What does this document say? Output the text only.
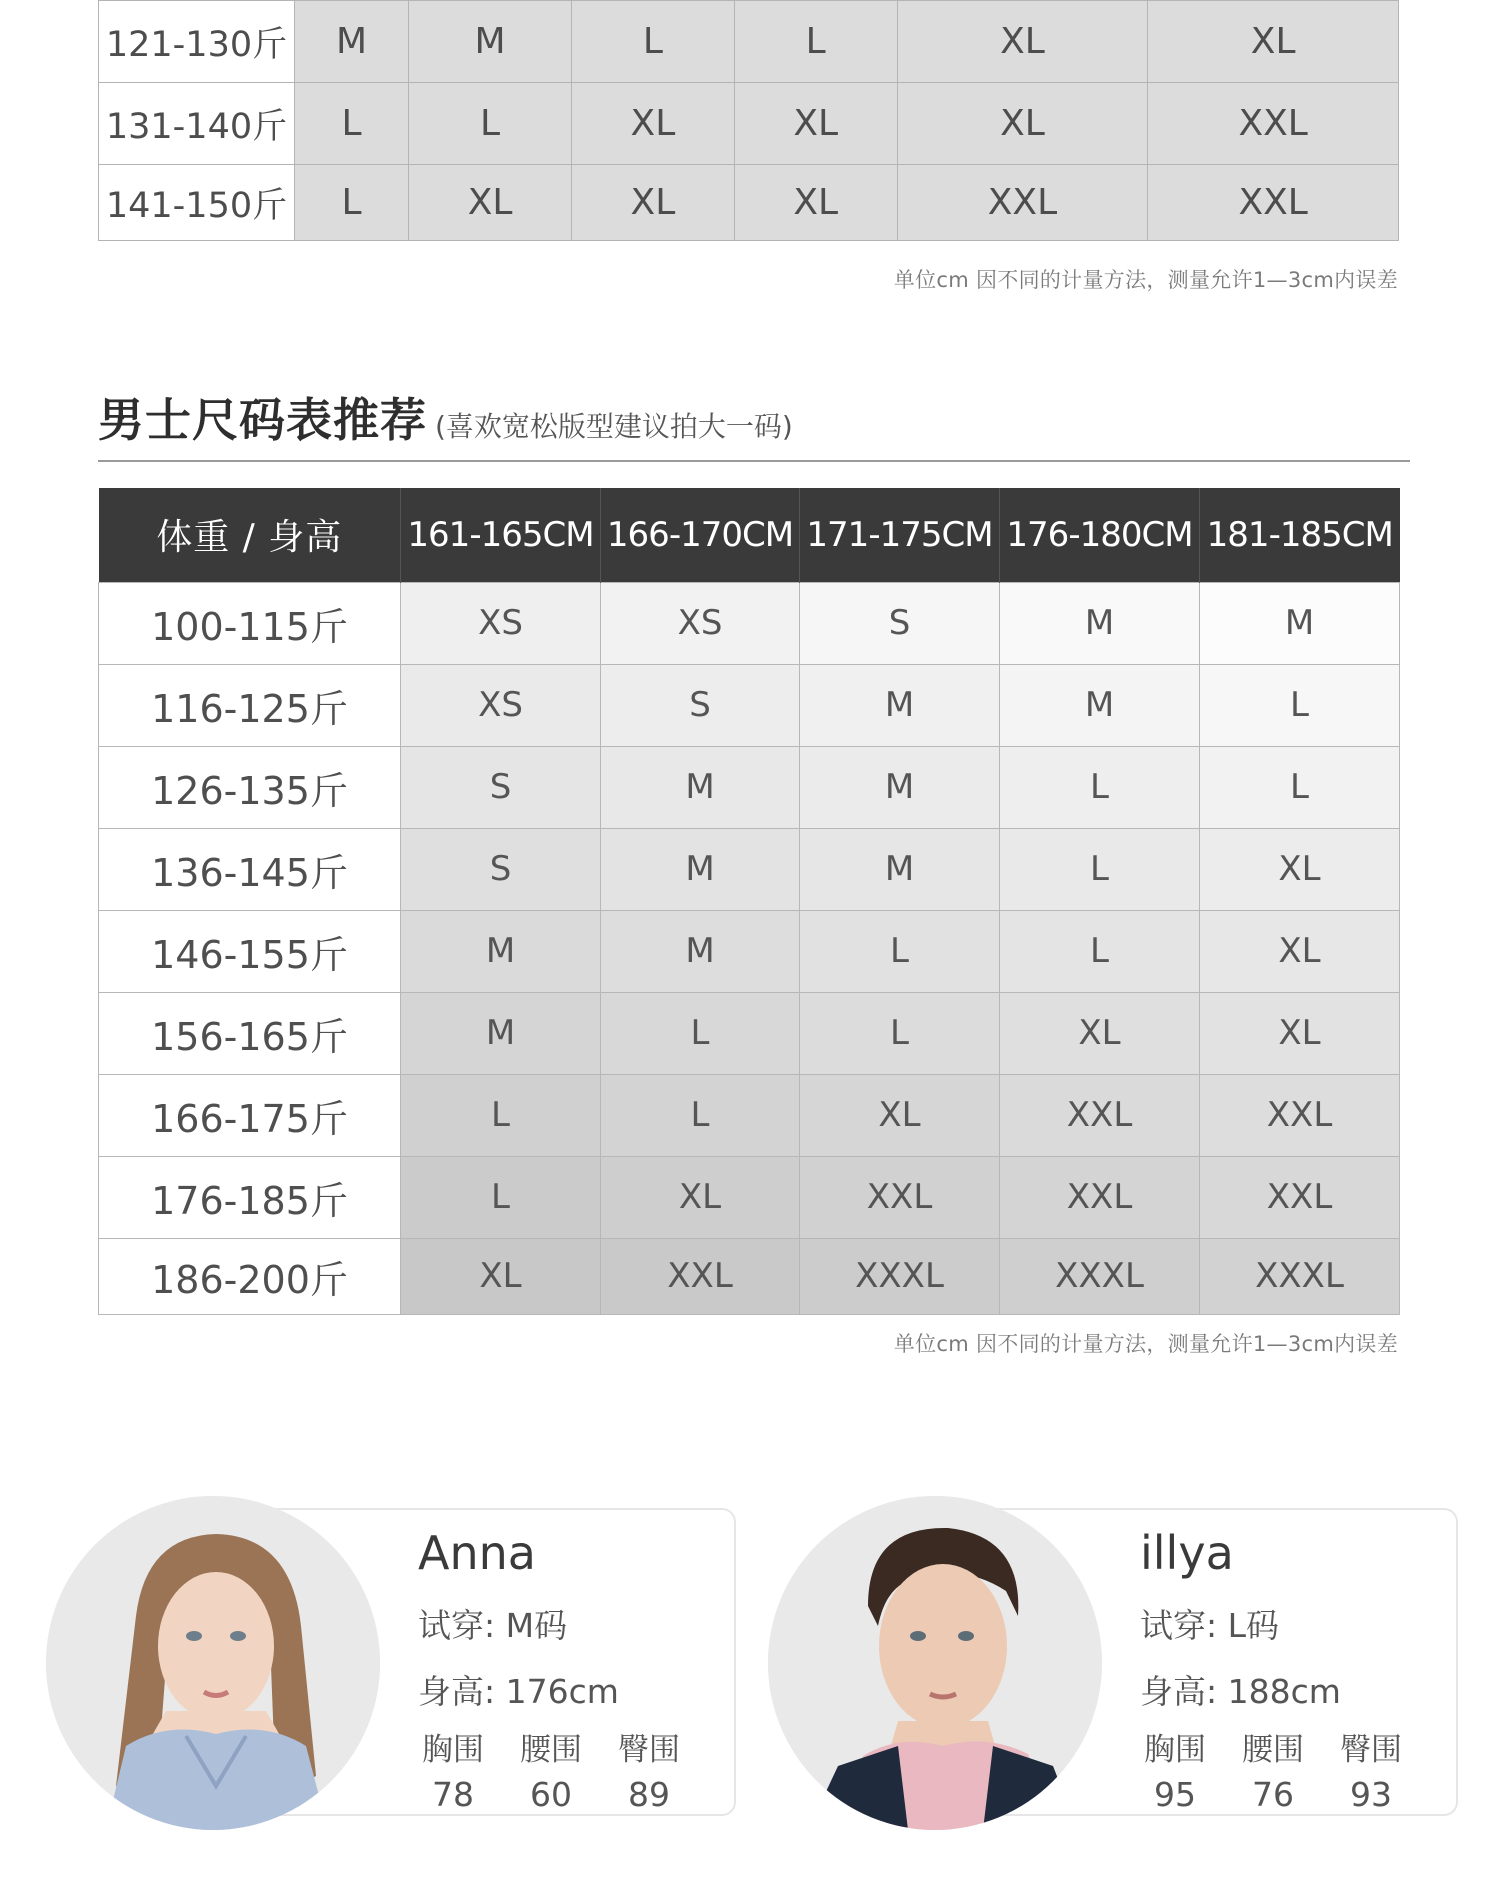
121-130斤	M	M	L	L	XL	XL
131-140斤	L	L	XL	XL	XL	XXL
141-150斤	L	XL	XL	XL	XXL	XXL
单位cm 因不同的计量方法，测量允许1—3cm内误差
男士尺码表推荐 (喜欢宽松版型建议拍大一码)
体重 / 身高	161-165CM	166-170CM	171-175CM	176-180CM	181-185CM
100-115斤	XS	XS	S	M	M
116-125斤	XS	S	M	M	L
126-135斤	S	M	M	L	L
136-145斤	S	M	M	L	XL
146-155斤	M	M	L	L	XL
156-165斤	M	L	L	XL	XL
166-175斤	L	L	XL	XXL	XXL
176-185斤	L	XL	XXL	XXL	XXL
186-200斤	XL	XXL	XXXL	XXXL	XXXL
单位cm 因不同的计量方法，测量允许1—3cm内误差
Anna
试穿: M码
身高: 176cm
胸围
78
腰围
60
臀围
89
illya
试穿: L码
身高: 188cm
胸围
95
腰围
76
臀围
93
